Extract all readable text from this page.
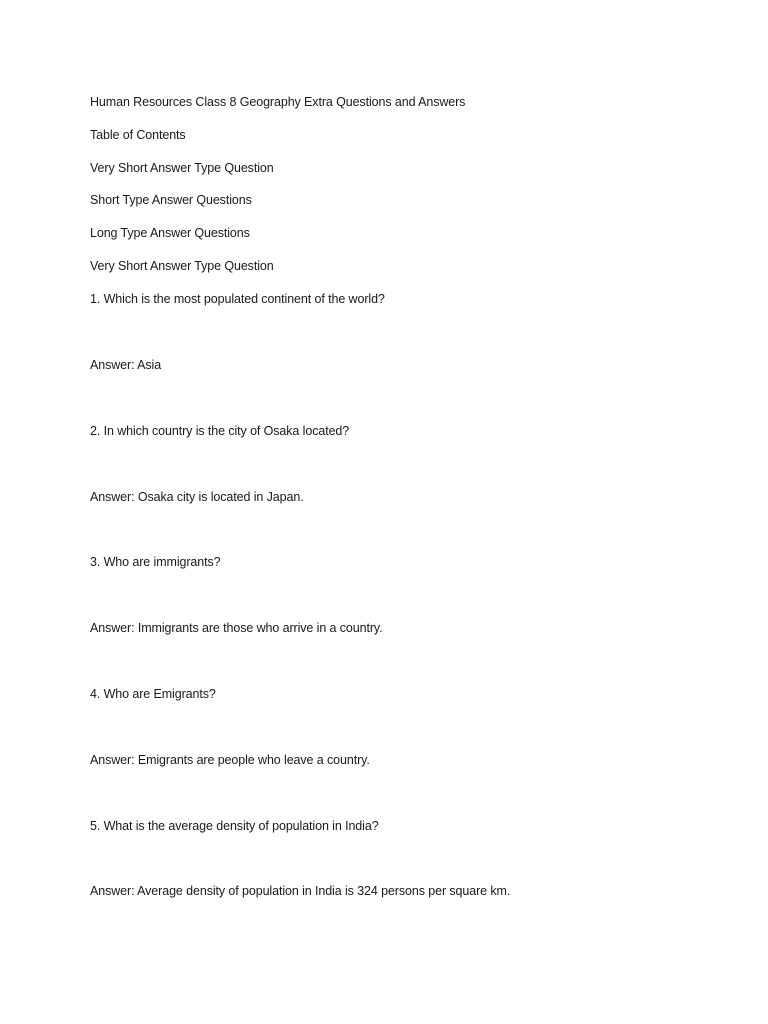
Human Resources Class 8 Geography Extra Questions and Answers
Table of Contents
Very Short Answer Type Question
Short Type Answer Questions
Long Type Answer Questions
Very Short Answer Type Question
1. Which is the most populated continent of the world?
Answer: Asia
2. In which country is the city of Osaka located?
Answer: Osaka city is located in Japan.
3. Who are immigrants?
Answer: Immigrants are those who arrive in a country.
4. Who are Emigrants?
Answer: Emigrants are people who leave a country.
5. What is the average density of population in India?
Answer: Average density of population in India is 324 persons per square km.
